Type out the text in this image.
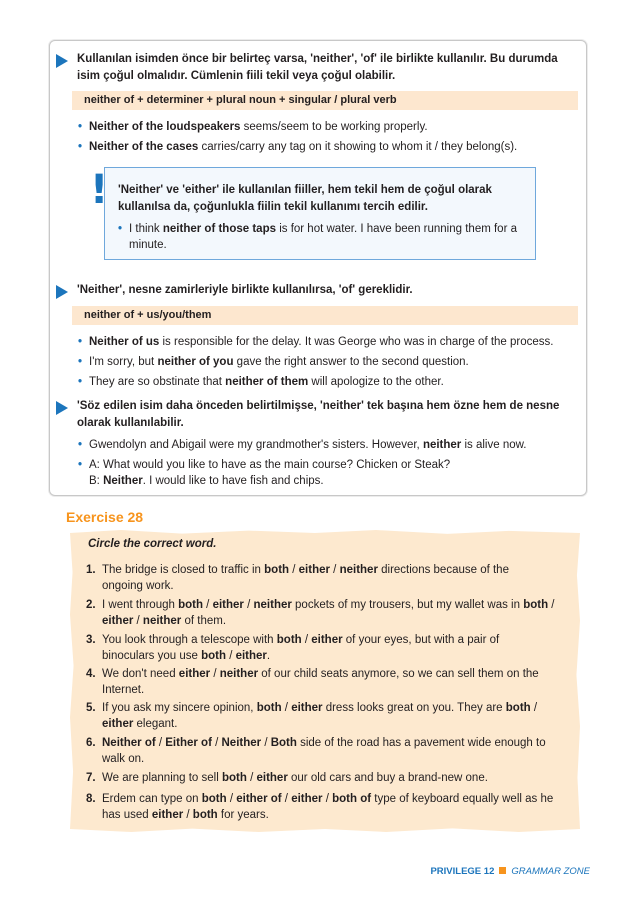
Kullanılan isimden önce bir belirteç varsa, 'neither', 'of' ile birlikte kullanılır. Bu durumda
isim çoğul olmalıdır. Cümlenin fiili tekil veya çoğul olabilir.
neither of + determiner + plural noun + singular / plural verb
• Neither of the loudspeakers seems/seem to be working properly.
• Neither of the cases carries/carry any tag on it showing to whom it / they belong(s).
! 'Neither' ve 'either' ile kullanılan fiiller, hem tekil hem de çoğul olarak
kullanılsa da, çoğunlukla fiilin tekil kullanımı tercih edilir.
• I think neither of those taps is for hot water. I have been running them for a
minute.
'Neither', nesne zamirleriyle birlikte kullanılırsa, 'of' gereklidir.
neither of + us/you/them
• Neither of us is responsible for the delay. It was George who was in charge of the process.
• I'm sorry, but neither of you gave the right answer to the second question.
• They are so obstinate that neither of them will apologize to the other.
'Söz edilen isim daha önceden belirtilmişse, 'neither' tek başına hem özne hem de nesne
olarak kullanılabilir.
• Gwendolyn and Abigail were my grandmother's sisters. However, neither is alive now.
• A: What would you like to have as the main course? Chicken or Steak?
B: Neither. I would like to have fish and chips.
Exercise 28
Circle the correct word.
1. The bridge is closed to traffic in both / either / neither directions because of the
ongoing work.
2. I went through both / either / neither pockets of my trousers, but my wallet was in both /
either / neither of them.
3. You look through a telescope with both / either of your eyes, but with a pair of
binoculars you use both / either.
4. We don't need either / neither of our child seats anymore, so we can sell them on the
Internet.
5. If you ask my sincere opinion, both / either dress looks great on you. They are both /
either elegant.
6. Neither of / Either of / Neither / Both side of the road has a pavement wide enough to
walk on.
7. We are planning to sell both / either our old cars and buy a brand-new one.
8. Erdem can type on both / either of / either / both of type of keyboard equally well as he
has used either / both for years.
PRIVILEGE 12 GRAMMAR ZONE
